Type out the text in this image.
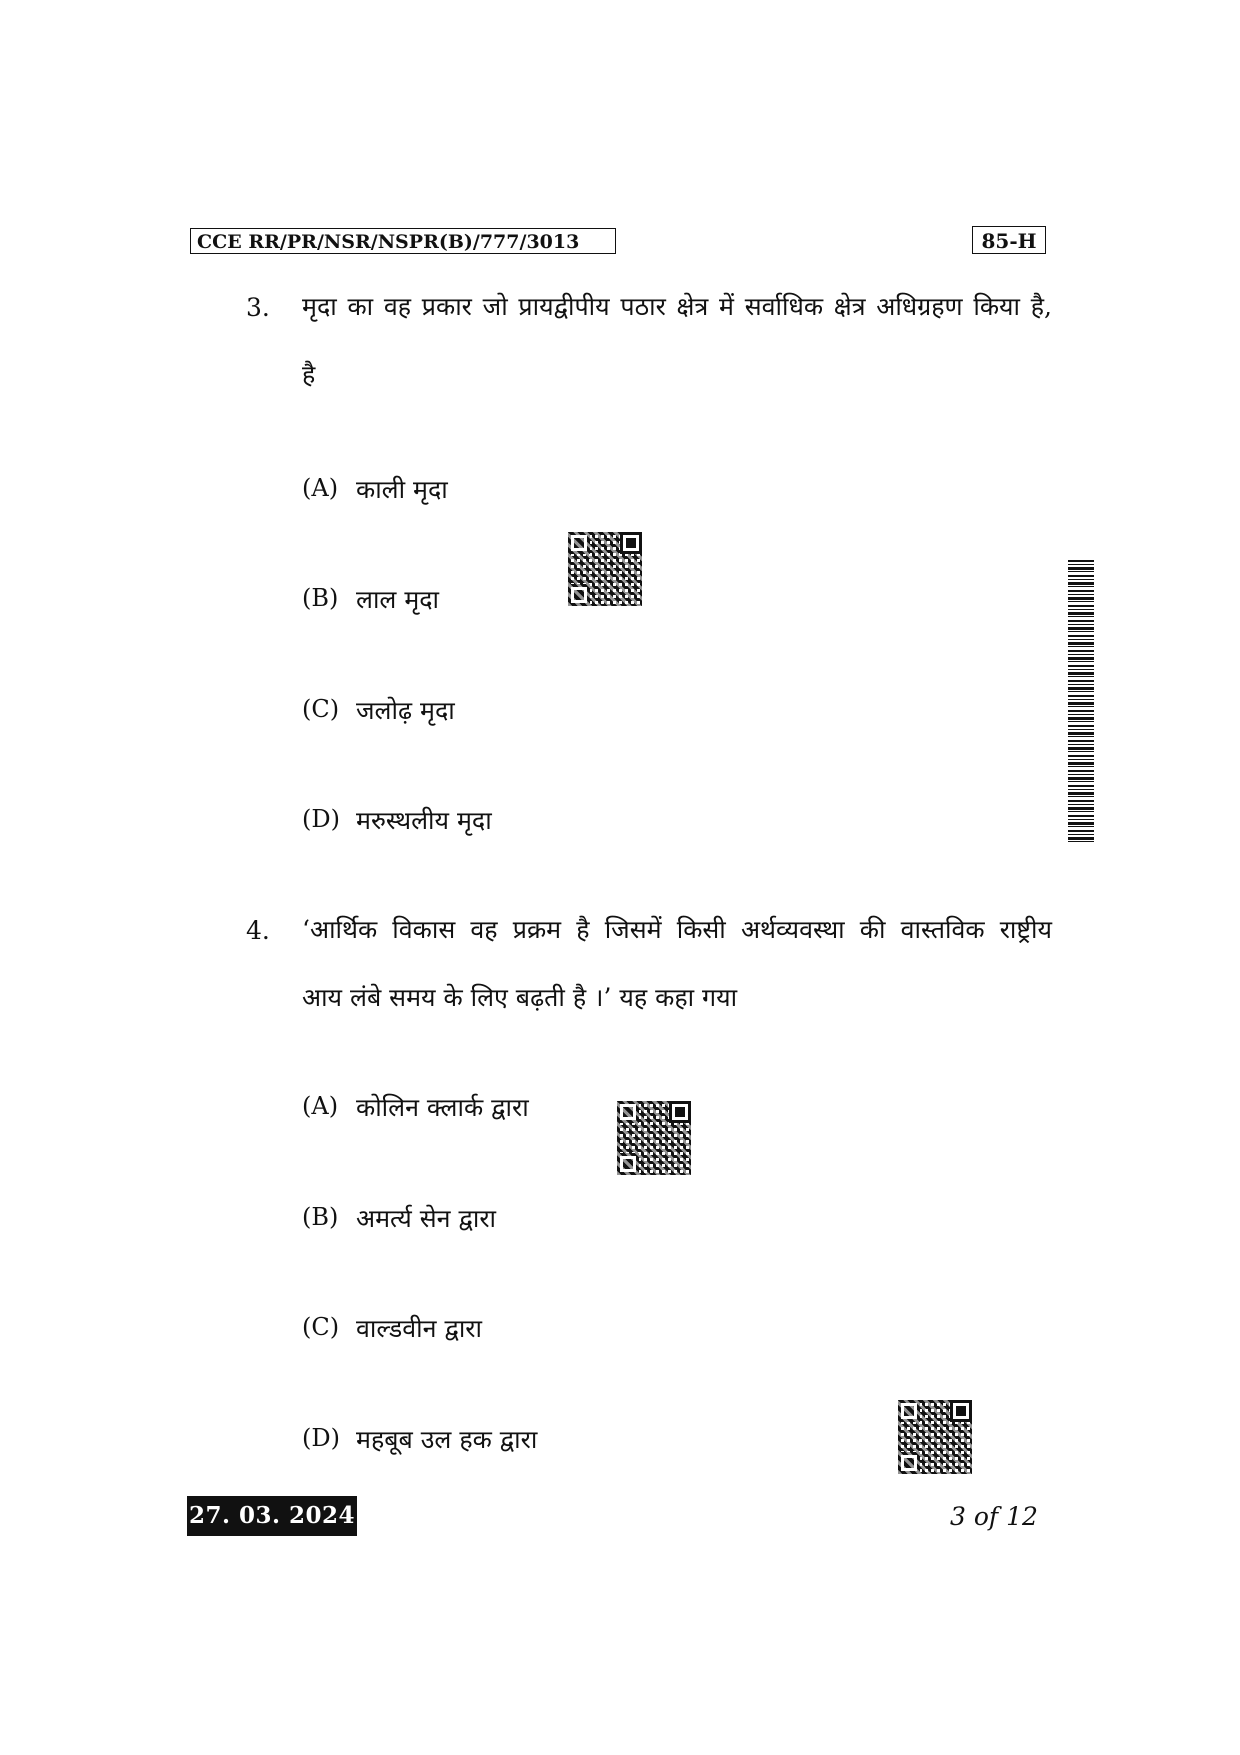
CCE RR/PR/NSR/NSPR(B)/777/3013	85-H
3. मृदा का वह प्रकार जो प्रायद्वीपीय पठार क्षेत्र में सर्वाधिक क्षेत्र अधिग्रहण किया है,
है
(A) काली मृदा
(B) लाल मृदा
(C) जलोढ़ मृदा
(D) मरुस्थलीय मृदा
4. ‘आर्थिक विकास वह प्रक्रम है जिसमें किसी अर्थव्यवस्था की वास्तविक राष्ट्रीय
आय लंबे समय के लिए बढ़ती है ।’ यह कहा गया
(A) कोलिन क्लार्क द्वारा
(B) अमर्त्य सेन द्वारा
(C) वाल्डवीन द्वारा
(D) महबूब उल हक द्वारा
27. 03. 2024	3 of 12
